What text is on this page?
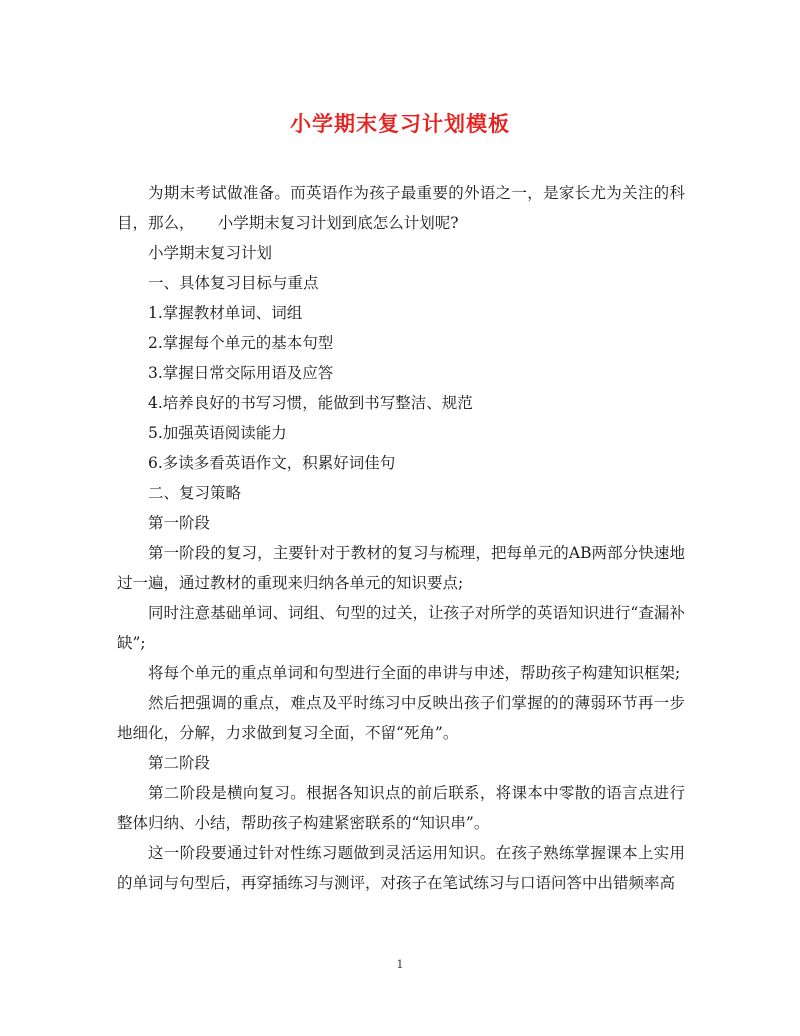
小学期末复习计划模板

为期末考试做准备。而英语作为孩子最重要的外语之一，是家长尤为关注的科目，那么，　　小学期末复习计划到底怎么计划呢?

小学期末复习计划

一、具体复习目标与重点

1.掌握教材单词、词组

2.掌握每个单元的基本句型

3.掌握日常交际用语及应答

4.培养良好的书写习惯，能做到书写整洁、规范

5.加强英语阅读能力

6.多读多看英语作文，积累好词佳句

二、复习策略

第一阶段

第一阶段的复习，主要针对于教材的复习与梳理，把每单元的AB两部分快速地过一遍，通过教材的重现来归纳各单元的知识要点;

同时注意基础单词、词组、句型的过关，让孩子对所学的英语知识进行“查漏补缺”;

将每个单元的重点单词和句型进行全面的串讲与申述，帮助孩子构建知识框架;

然后把强调的重点，难点及平时练习中反映出孩子们掌握的的薄弱环节再一步地细化，分解，力求做到复习全面，不留“死角”。

第二阶段

第二阶段是横向复习。根据各知识点的前后联系，将课本中零散的语言点进行整体归纳、小结，帮助孩子构建紧密联系的“知识串”。

这一阶段要通过针对性练习题做到灵活运用知识。在孩子熟练掌握课本上实用的单词与句型后，再穿插练习与测评，对孩子在笔试练习与口语问答中出错频率高

1
